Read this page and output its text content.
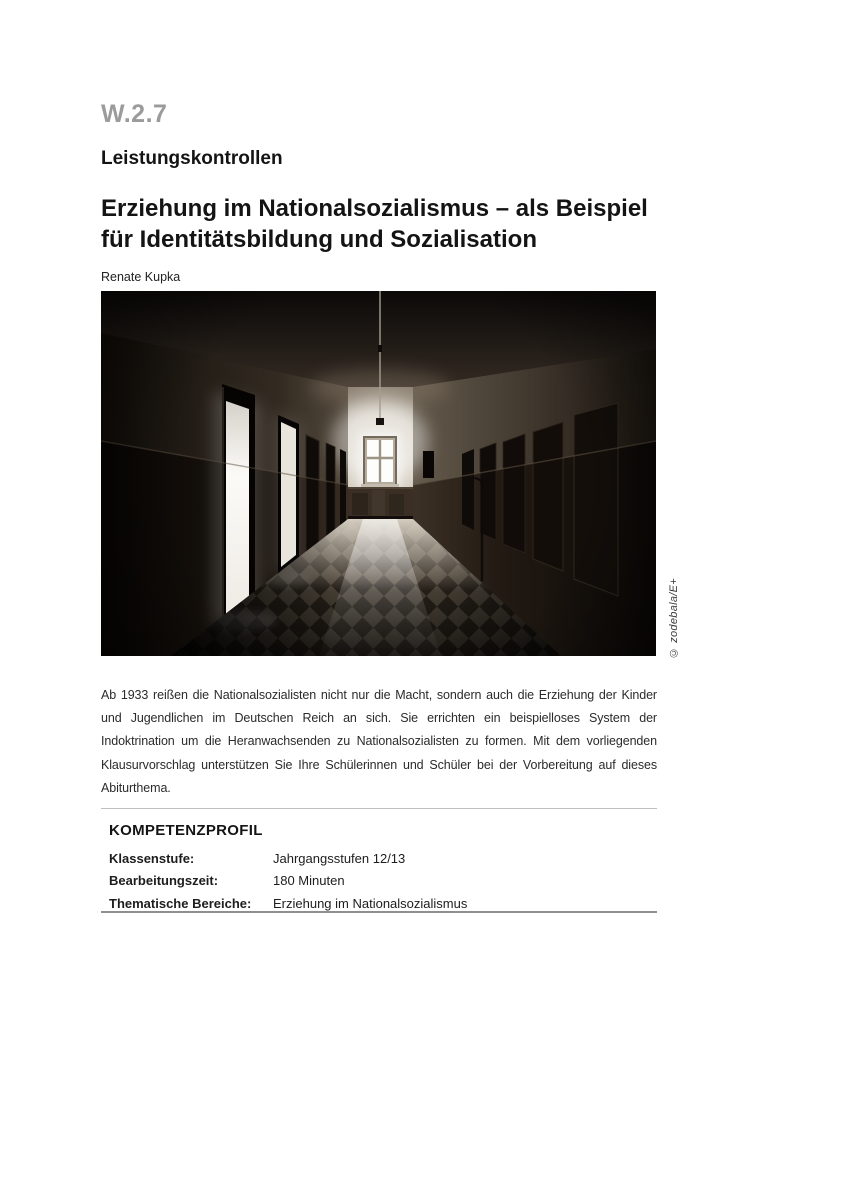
W.2.7
Leistungskontrollen
Erziehung im Nationalsozialismus – als Beispiel
für Identitätsbildung und Sozialisation
Renate Kupka
© zodebala/E+
Ab 1933 reißen die Nationalsozialisten nicht nur die Macht, sondern auch die Erziehung der Kinder und Jugendlichen im Deutschen Reich an sich. Sie errichten ein beispielloses System der Indoktrination um die Heranwachsenden zu Nationalsozialisten zu formen. Mit dem vorliegenden Klausurvorschlag unterstützen Sie Ihre Schülerinnen und Schüler bei der Vorbereitung auf dieses Abiturthema.
KOMPETENZPROFIL
Klassenstufe:	Jahrgangsstufen 12/13
Bearbeitungszeit:	180 Minuten
Thematische Bereiche:	Erziehung im Nationalsozialismus
